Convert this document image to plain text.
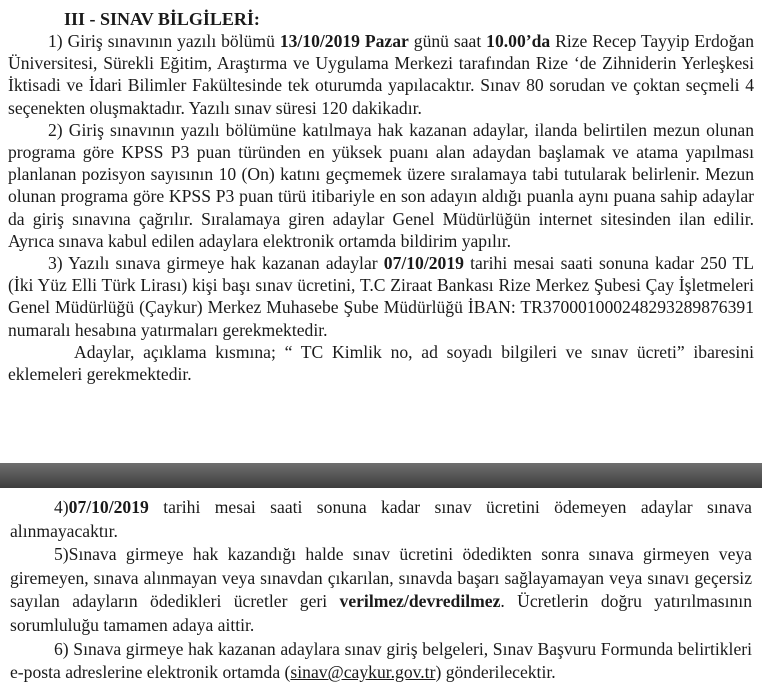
III - SINAV BİLGİLERİ:

1) Giriş sınavının yazılı bölümü 13/10/2019 Pazar günü saat 10.00’da Rize Recep Tayyip Erdoğan Üniversitesi, Sürekli Eğitim, Araştırma ve Uygulama Merkezi tarafından Rize ‘de Zihniderin Yerleşkesi İktisadi ve İdari Bilimler Fakültesinde tek oturumda yapılacaktır. Sınav 80 sorudan ve çoktan seçmeli 4 seçenekten oluşmaktadır. Yazılı sınav süresi 120 dakikadır.

2) Giriş sınavının yazılı bölümüne katılmaya hak kazanan adaylar, ilanda belirtilen mezun olunan programa göre KPSS P3 puan türünden en yüksek puanı alan adaydan başlamak ve atama yapılması planlanan pozisyon sayısının 10 (On) katını geçmemek üzere sıralamaya tabi tutularak belirlenir. Mezun olunan programa göre KPSS P3 puan türü itibariyle en son adayın aldığı puanla aynı puana sahip adaylar da giriş sınavına çağrılır. Sıralamaya giren adaylar Genel Müdürlüğün internet sitesinden ilan edilir. Ayrıca sınava kabul edilen adaylara elektronik ortamda bildirim yapılır.

3) Yazılı sınava girmeye hak kazanan adaylar 07/10/2019 tarihi mesai saati sonuna kadar 250 TL (İki Yüz Elli Türk Lirası) kişi başı sınav ücretini, T.C Ziraat Bankası Rize Merkez Şubesi Çay İşletmeleri Genel Müdürlüğü (Çaykur) Merkez Muhasebe Şube Müdürlüğü İBAN: TR370001000248293289876391 numaralı hesabına yatırmaları gerekmektedir.

Adaylar, açıklama kısmına; “ TC Kimlik no, ad soyadı bilgileri ve sınav ücreti” ibaresini eklemeleri gerekmektedir.

4)07/10/2019 tarihi mesai saati sonuna kadar sınav ücretini ödemeyen adaylar sınava alınmayacaktır.

5)Sınava girmeye hak kazandığı halde sınav ücretini ödedikten sonra sınava girmeyen veya giremeyen, sınava alınmayan veya sınavdan çıkarılan, sınavda başarı sağlayamayan veya sınavı geçersiz sayılan adayların ödedikleri ücretler geri verilmez/devredilmez. Ücretlerin doğru yatırılmasının sorumluluğu tamamen adaya aittir.

6) Sınava girmeye hak kazanan adaylara sınav giriş belgeleri, Sınav Başvuru Formunda belirtikleri e-posta adreslerine elektronik ortamda (sinav@caykur.gov.tr) gönderilecektir.
